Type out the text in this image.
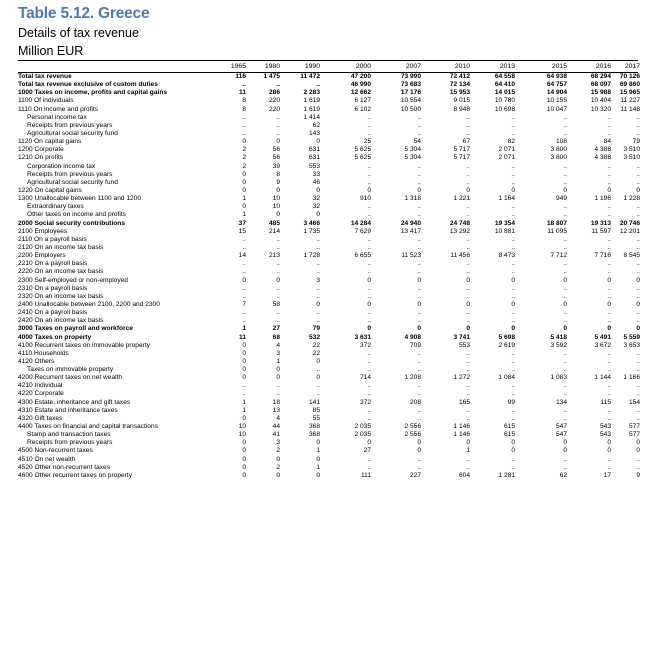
Table 5.12. Greece
Details of tax revenue
Million EUR
1965	1980	1990	2000	2007	2010	2013	2015	2016	2017
Total tax revenue	116	1 475	11 472	47 200	73 990	72 412	64 558	64 938	68 294	70 126
Total tax revenue exclusive of custom duties	..	..	..	46 990	73 683	72 134	64 410	64 757	68 097	69 860
1000 Taxes on income, profits and capital gains	11	286	2 283	12 662	17 176	15 953	14 015	14 904	15 988	15 965
1100 Of individuals	8	220	1 619	6 127	10 554	9 015	10 780	10 155	10 404	11 227
1110 On income and profits	8	220	1 619	6 102	10 500	8 948	10 698	10 047	10 320	11 148
Personal income tax	..	..	1 414	..	..	..	..	..	..	..
Receipts from previous years	..	..	62	..	..	..	..	..	..	..
Agricultural social security fund	..	..	143	..	..	..	..	..	..	..
1120 On capital gains	0	0	0	25	54	67	82	108	84	79
1200 Corporate	2	56	631	5 625	5 304	5 717	2 071	3 800	4 388	3 510
1210 On profits	2	56	631	5 625	5 304	5 717	2 071	3 800	4 388	3 510
Corporation income tax	2	39	553	..	..	..	..	..	..	..
Receipts from previous years	0	8	33	..	..	..	..	..	..	..
Agricultural social security fund	0	9	46	..	..	..	..	..	..	..
1220 On capital gains	0	0	0	0	0	0	0	0	0	0
1300 Unallocable between 1100 and 1200	1	10	32	910	1 318	1 221	1 164	949	1 196	1 228
Extraordinary taxes	0	10	32	..	..	..	..	..	..	..
Other taxes on income and profits	1	0	0	..	..	..	..	..	..	..
2000 Social security contributions	37	485	3 466	14 284	24 940	24 748	19 354	18 807	19 313	20 746
2100 Employees	15	214	1 735	7 629	13 417	13 292	10 881	11 095	11 597	12 201
2110 On a payroll basis	..	..	..	..	..	..	..	..	..	..
2120 On an income tax basis	..	..	..	..	..	..	..	..	..	..
2200 Employers	14	213	1 728	6 655	11 523	11 456	8 473	7 712	7 716	8 545
2210 On a payroll basis	..	..	..	..	..	..	..	..	..	..
2220 On an income tax basis	..	..	..	..	..	..	..	..	..	..
2300 Self-employed or non-employed	0	0	3	0	0	0	0	0	0	0
2310 On a payroll basis	..	..	..	..	..	..	..	..	..	..
2320 On an income tax basis	..	..	..	..	..	..	..	..	..	..
2400 Unallocable between 2100, 2200 and 2300	7	58	0	0	0	0	0	0	0	0
2410 On a payroll basis	..	..	..	..	..	..	..	..	..	..
2420 On an income tax basis	..	..	..	..	..	..	..	..	..	..
3000 Taxes on payroll and workforce	1	27	79	0	0	0	0	0	0	0
4000 Taxes on property	11	68	532	3 631	4 908	3 741	5 698	5 418	5 491	5 559
4100 Recurrent taxes on immovable property	0	4	22	372	709	553	2 619	3 592	3 672	3 653
4110 Households	0	3	22	..	..	..	..	..	..	..
4120 Others	0	1	0	..	..	..	..	..	..	..
Taxes on immovable property	0	0	..	..	..	..	..	..	..	..
4200 Recurrent taxes on net wealth	0	0	0	714	1 208	1 272	1 084	1 083	1 144	1 166
4210 Individual	..	..	..	..	..	..	..	..	..	..
4220 Corporate	..	..	..	..	..	..	..	..	..	..
4300 Estate, inheritance and gift taxes	1	18	141	372	208	165	99	134	115	154
4310 Estate and inheritance taxes	1	13	85	..	..	..	..	..	..	..
4320 Gift taxes	0	4	55	..	..	..	..	..	..	..
4400 Taxes on financial and capital transactions	10	44	368	2 035	2 556	1 146	615	547	543	577
Stamp and transaction taxes	10	41	368	2 035	2 556	1 146	615	547	543	577
Receipts from previous years	0	3	0	0	0	0	0	0	0	0
4500 Non-recurrent taxes	0	2	1	27	0	1	0	0	0	0
4510 On net wealth	0	0	0	..	..	..	..	..	..	..
4520 Other non-recurrent taxes	0	2	1	..	..	..	..	..	..	..
4600 Other recurrent taxes on property	0	0	0	111	227	604	1 281	62	17	9
